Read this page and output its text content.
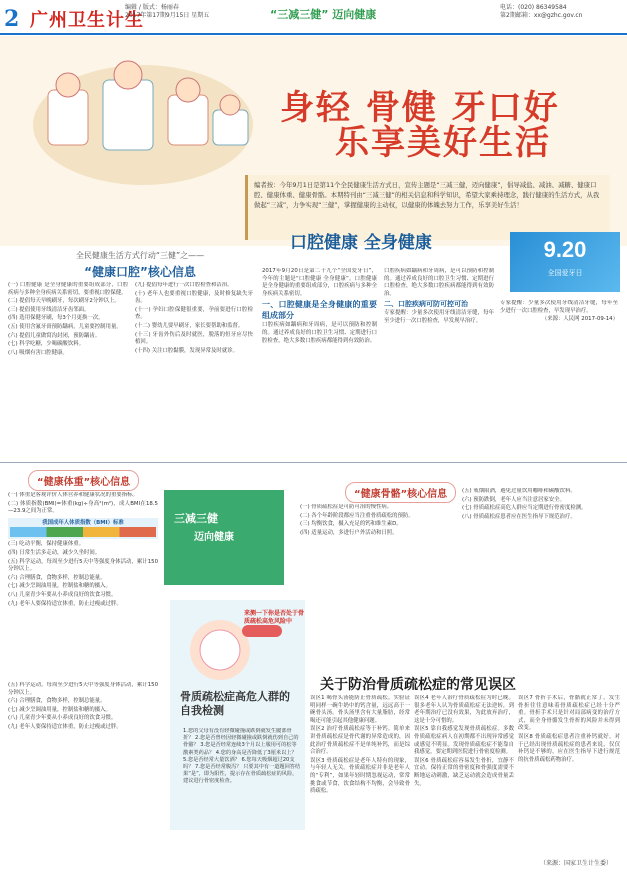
2 广州卫生计生
编辑 / 版式：杨丽春
2017年第17期9月15日 星期五	“三减三健” 迈向健康
电话：(020) 86349584
第2期邮箱：xx@gzhc.gov.cn
身轻 骨健 牙口好
乐享美好生活
编者按：今年9月1日是第11个全民健康生活方式日，宣传主题是“三减三健，迈向健康”，倡导减盐、减油、减糖、健康口腔、健康体重、健康骨骼。本期特刊由“三减三健”的相关信息和科学知识，希望大家乘持理念，践行健康的生活方式，从我做起“三减”，力争实现“三健”，掌握健康的主动权，以健康的体魄去努力工作，乐享美好生活！
全民健康生活方式行动“三健”之——
“健康口腔”核心信息

(一) 口腔健康 是全身健康的重要组成部分，口腔疾病与多种全身疾病关系密切，要重视口腔保健。

(二) 提倡每天早晚刷牙，每次刷牙2分钟以上。

(三) 提倡使用牙线清洁牙齿邻面。

(四) 选用保健牙刷，每3个月更换一次。

(五) 使用含氟牙膏预防龋病，儿童要控制用量。

(六) 提倡儿童做窝沟封闭，预防龋齿。

(七) 科学吃糖，少喝碳酸饮料。

(八) 吸烟有害口腔健康。

(九) 提倡每年进行一次口腔检查和洁治。

(十) 老年人也要重视口腔健康，及时修复缺失牙齿。

(十一) 孕妇口腔保健很重要，孕前要进行口腔检查。

(十二) 婴幼儿要早刷牙，家长要帮助和监督。

(十三) 牙齿外伤后及时就医，脱落的恒牙应尽快植回。

(十四) 关注口腔黏膜，发现异常及时就诊。

口腔健康 全身健康	9.20
全国爱牙日

2017年9月20日是第二十九个“全国爱牙日”，今年的主题是“口腔健康 全身健康”。口腔健康是全身健康的重要组成部分，口腔疾病与多种全身疾病关系密切。

一、口腔健康是全身健康的重要组成部分

口腔疾病如龋病和牙周病，是可以预防和控制的。通过养成良好的口腔卫生习惯、定期进行口腔检查，绝大多数口腔疾病都能得到有效防治。

口腔疾病如龋病和牙周病，是可以预防和控制的。通过养成良好的口腔卫生习惯、定期进行口腔检查，绝大多数口腔疾病都能得到有效防治。

二、口腔疾病可防可控可治

专家提醒：少量多次使用牙线清洁牙缝，每年至少进行一次口腔检查，早发现早治疗。

专家提醒：少量多次使用牙线清洁牙缝，每年至少进行一次口腔检查，早发现早治疗。

（来源：人民网 2017-09-14）

“健康体重”核心信息

(一) 体重是客观评价人体营养和健康状况的重要指标。

(二) 体质指数(BMI)=体重(kg)÷身高²(m²)，成人BMI在18.5—23.9之间为正常。

我国成年人体质指数（BMI）标准

(三) 吃动平衡，保持健康体重。

(四) 日常生活多走动，减少久坐时间。

(五) 科学运动，每周至少进行5天中等强度身体活动，累计150分钟以上。

(六) 合理膳食，食物多样，控制总能量。

(七) 减少烹调油用量，控制盐和糖的摄入。

(八) 儿童青少年要从小养成良好的饮食习惯。

(九) 老年人要保持适宜体重，防止过瘦或过胖。

(五) 科学运动，每周至少进行5天中等强度身体活动，累计150分钟以上。

(六) 合理膳食，食物多样，控制总能量。

(七) 减少烹调油用量，控制盐和糖的摄入。

(八) 儿童青少年要从小养成良好的饮食习惯。

(九) 老年人要保持适宜体重，防止过瘦或过胖。

三减三健
迈向健康
“健康骨骼”核心信息

(一) 骨质疏松症是可防可治的慢性病。

(二) 各个年龄阶段都应当注重骨质疏松的预防。

(三) 均衡饮食，摄入充足的钙和维生素D。

(四) 适量运动，多进行户外活动和日照。

(五) 戒烟限酒，避免过量饮用咖啡和碳酸饮料。

(六) 预防跌倒，老年人应当注意居家安全。

(七) 骨质疏松症高危人群应当定期进行骨密度检测。

(八) 骨质疏松症患者应在医生指导下规范治疗。

来测一下你是否处于骨质疏松高危风险中
骨质疏松症高危人群的自我检测
1.您的父母有没有轻微碰撞或跌倒就发生髋部骨折？ 2.您是否曾经因轻微碰撞或跌倒就伤到自己的骨骼？ 3.您是否经常连续3个月以上服用可的松等激素类药品？ 4.您的身高是否降低了3厘米以上？ 5.您是否经常大量饮酒？ 6.您每天吸烟超过20支吗？ 7.您是否经常腹泻？ 只要其中有一道题回答结果“是”，即为阳性，提示存在骨质疏松症的风险，建议进行骨密度检查。
关于防治骨质疏松症的常见误区

误区1 喝骨头汤能防止骨质疏松。实验证明同样一碗牛奶中的钙含量，远远高于一碗骨头汤。骨头汤里含有大量脂肪，经常喝还可能引起其他健康问题。

误区2 治疗骨质疏松症等于补钙。简单来讲骨质疏松症是骨代谢的异常造成的，因此治疗骨质疏松症不是单纯补钙，而是综合治疗。

误区3 骨质疏松症是老年人特有的现象，与年轻人无关。骨质疏松症并非是老年人的“专利”，如果年轻时期忽视运动，常常挑食或节食，饮食结构不均衡，会导致骨质疏松。

误区4 老年人治疗骨质疏松症为时已晚。很多老年人认为骨质疏松症无法逆转，到老年期治疗已没有效果，为此放弃治疗，这是十分可惜的。

误区5 靠自我感觉发现骨质疏松症。多数骨质疏松症病人在初期都不出现异常感觉或感觉不明显。发现骨质疏松症不能靠自我感觉，要定期到医院进行骨密度检测。

误区6 骨质疏松症容易发生骨折，宜静不宜动。保持正常的骨密度和骨强度需要不断地运动刺激，缺乏运动就会造成骨量丢失。

误区7 骨折手术后，骨骼就正常了。发生骨折往往意味着骨质疏松症已经十分严重。骨折手术只是针对局部病变的治疗方式，而全身骨骼发生骨折的风险并未得到改变。

误区8 骨质疏松症患者注重补钙就好。对于已经出现骨质疏松症的患者来说，仅仅补钙是不够的，应在医生指导下进行规范的抗骨质疏松药物治疗。

（来源：国家卫生计生委）
